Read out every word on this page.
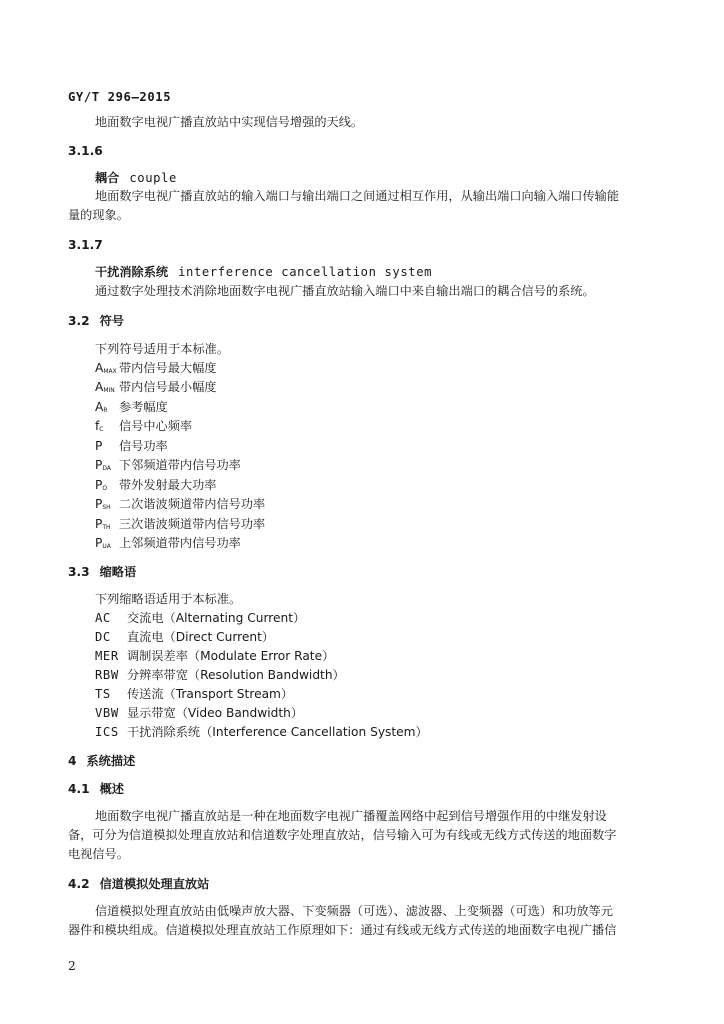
GY/T 296—2015
地面数字电视广播直放站中实现信号增强的天线。
3.1.6
耦合 couple
地面数字电视广播直放站的输入端口与输出端口之间通过相互作用，从输出端口向输入端口传输能
量的现象。
3.1.7
干扰消除系统 interference cancellation system
通过数字处理技术消除地面数字电视广播直放站输入端口中来自输出端口的耦合信号的系统。
3.2 符号
下列符号适用于本标准。
AMAX 带内信号最大幅度
AMIN 带内信号最小幅度
AR 参考幅度
fC 信号中心频率
P 信号功率
PDA 下邻频道带内信号功率
PO 带外发射最大功率
PSH 二次谐波频道带内信号功率
PTH 三次谐波频道带内信号功率
PUA 上邻频道带内信号功率
3.3 缩略语
下列缩略语适用于本标准。
AC 交流电（Alternating Current）
DC 直流电（Direct Current）
MER 调制误差率（Modulate Error Rate）
RBW 分辨率带宽（Resolution Bandwidth）
TS 传送流（Transport Stream）
VBW 显示带宽（Video Bandwidth）
ICS 干扰消除系统（Interference Cancellation System）
4 系统描述
4.1 概述
地面数字电视广播直放站是一种在地面数字电视广播覆盖网络中起到信号增强作用的中继发射设
备，可分为信道模拟处理直放站和信道数字处理直放站，信号输入可为有线或无线方式传送的地面数字
电视信号。
4.2 信道模拟处理直放站
信道模拟处理直放站由低噪声放大器、下变频器（可选）、滤波器、上变频器（可选）和功放等元
器件和模块组成。信道模拟处理直放站工作原理如下：通过有线或无线方式传送的地面数字电视广播信
2
